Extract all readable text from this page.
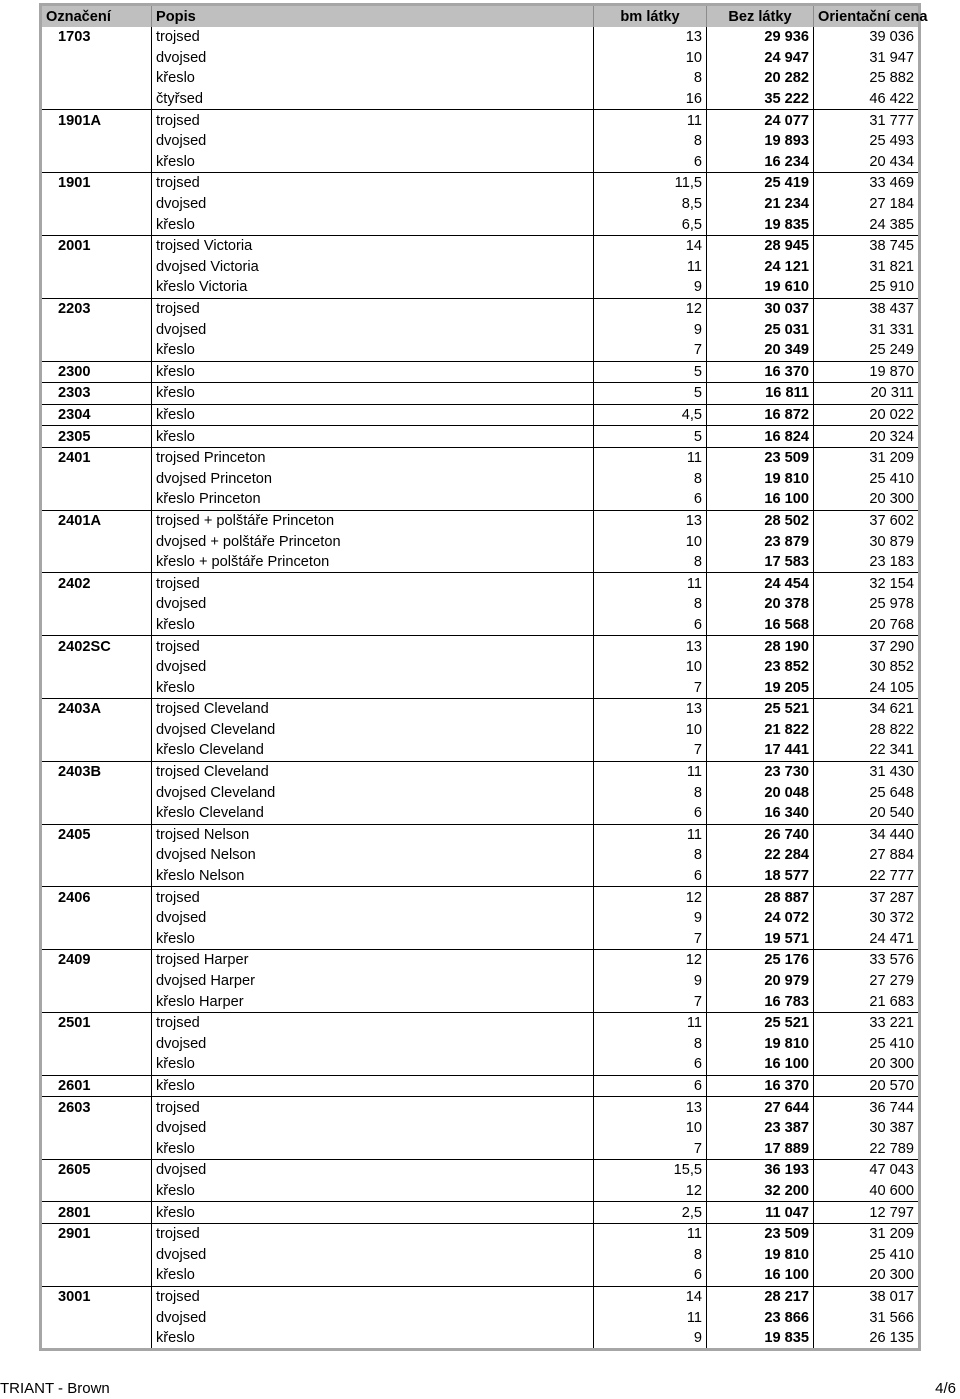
Označení	Popis	bm látky	Bez látky	Orientační cena
1703	trojsed	13	29 936	39 036
	dvojsed	10	24 947	31 947
	křeslo	8	20 282	25 882
	čtyřsed	16	35 222	46 422
1901A	trojsed	11	24 077	31 777
	dvojsed	8	19 893	25 493
	křeslo	6	16 234	20 434
1901	trojsed	11,5	25 419	33 469
	dvojsed	8,5	21 234	27 184
	křeslo	6,5	19 835	24 385
2001	trojsed Victoria	14	28 945	38 745
	dvojsed Victoria	11	24 121	31 821
	křeslo Victoria	9	19 610	25 910
2203	trojsed	12	30 037	38 437
	dvojsed	9	25 031	31 331
	křeslo	7	20 349	25 249
2300	křeslo	5	16 370	19 870
2303	křeslo	5	16 811	20 311
2304	křeslo	4,5	16 872	20 022
2305	křeslo	5	16 824	20 324
2401	trojsed Princeton	11	23 509	31 209
	dvojsed Princeton	8	19 810	25 410
	křeslo Princeton	6	16 100	20 300
2401A	trojsed + polštáře Princeton	13	28 502	37 602
	dvojsed + polštáře Princeton	10	23 879	30 879
	křeslo + polštáře Princeton	8	17 583	23 183
2402	trojsed	11	24 454	32 154
	dvojsed	8	20 378	25 978
	křeslo	6	16 568	20 768
2402SC	trojsed	13	28 190	37 290
	dvojsed	10	23 852	30 852
	křeslo	7	19 205	24 105
2403A	trojsed Cleveland	13	25 521	34 621
	dvojsed Cleveland	10	21 822	28 822
	křeslo Cleveland	7	17 441	22 341
2403B	trojsed Cleveland	11	23 730	31 430
	dvojsed Cleveland	8	20 048	25 648
	křeslo Cleveland	6	16 340	20 540
2405	trojsed Nelson	11	26 740	34 440
	dvojsed Nelson	8	22 284	27 884
	křeslo Nelson	6	18 577	22 777
2406	trojsed	12	28 887	37 287
	dvojsed	9	24 072	30 372
	křeslo	7	19 571	24 471
2409	trojsed Harper	12	25 176	33 576
	dvojsed Harper	9	20 979	27 279
	křeslo Harper	7	16 783	21 683
2501	trojsed	11	25 521	33 221
	dvojsed	8	19 810	25 410
	křeslo	6	16 100	20 300
2601	křeslo	6	16 370	20 570
2603	trojsed	13	27 644	36 744
	dvojsed	10	23 387	30 387
	křeslo	7	17 889	22 789
2605	dvojsed	15,5	36 193	47 043
	křeslo	12	32 200	40 600
2801	křeslo	2,5	11 047	12 797
2901	trojsed	11	23 509	31 209
	dvojsed	8	19 810	25 410
	křeslo	6	16 100	20 300
3001	trojsed	14	28 217	38 017
	dvojsed	11	23 866	31 566
	křeslo	9	19 835	26 135
TRIANT - Brown	4/6
